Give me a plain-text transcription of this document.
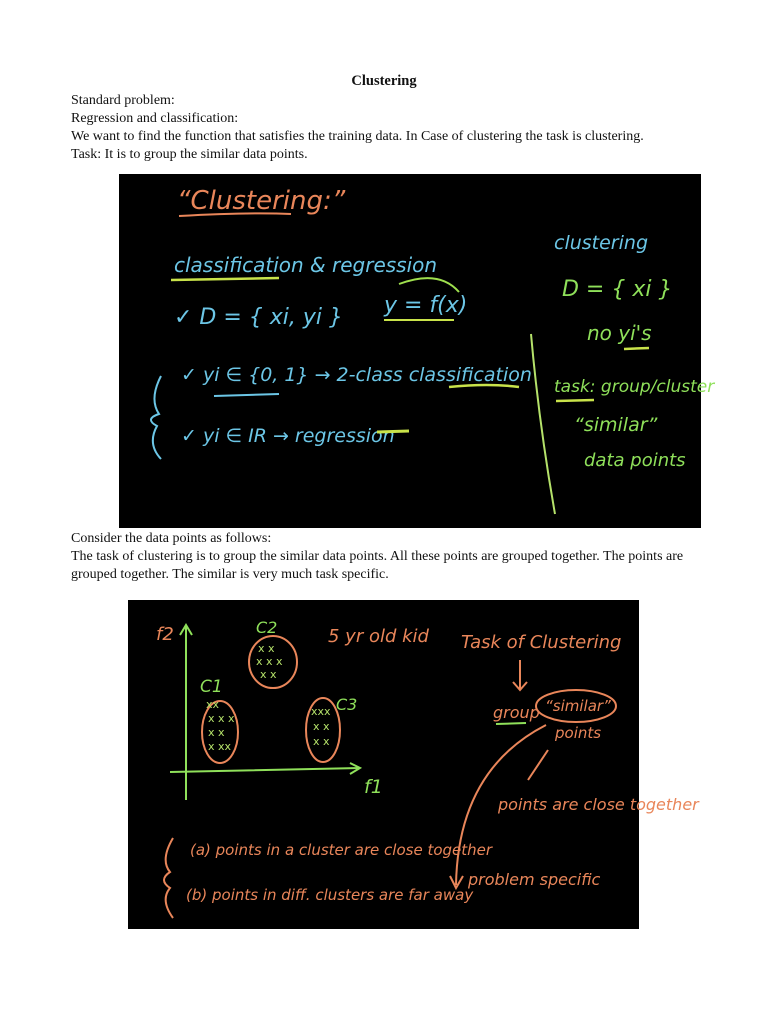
Clustering

Standard problem:

Regression and classification:

We want to find the function that satisfies the training data. In Case of clustering the task is clustering.

Task: It is to group the similar data points.

“Clustering:”
classification & regression
✓ D = { xi, yi } y = f(x)
✓ yi ∈ {0, 1} → 2-class classification
✓ yi ∈ IR → regression
clustering
D = { xi }
no yi's
task: group/cluster
“similar”
data points

Consider the data points as follows:

The task of clustering is to group the similar data points. All these points are grouped together. The points are grouped together. The similar is very much task specific.

f2
f1
xx
x x x
x x
x xx
C1
x x
x x x
x x
C2
xxx
x x
x x
C3
5 yr old kid Task of Clustering
group “similar”
points
points are close together
problem specific
(a) points in a cluster are close together
(b) points in diff. clusters are far away
